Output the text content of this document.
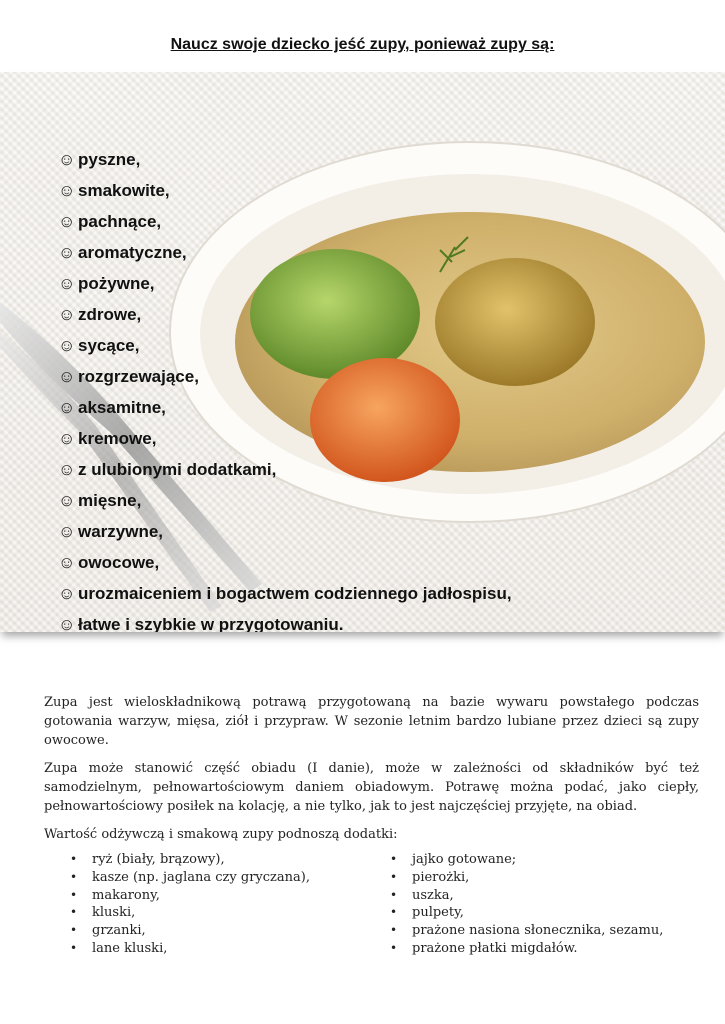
Naucz swoje dziecko jeść zupy, ponieważ zupy są:
☺ pyszne,
☺ smakowite,
☺ pachnące,
☺ aromatyczne,
☺ pożywne,
☺ zdrowe,
☺ sycące,
☺ rozgrzewające,
☺ aksamitne,
☺ kremowe,
☺ z ulubionymi dodatkami,
☺ mięsne,
☺ warzywne,
☺ owocowe,
☺ urozmaiceniem i bogactwem codziennego jadłospisu,
☺ łatwe i szybkie w przygotowaniu.

Zupa jest wieloskładnikową potrawą przygotowaną na bazie wywaru powstałego podczas gotowania warzyw, mięsa, ziół i przypraw. W sezonie letnim bardzo lubiane przez dzieci są zupy owocowe.

Zupa może stanowić część obiadu (I danie), może w zależności od składników być też samodzielnym, pełnowartościowym daniem obiadowym. Potrawę można podać, jako ciepły, pełnowartościowy posiłek na kolację, a nie tylko, jak to jest najczęściej przyjęte, na obiad.

Wartość odżywczą i smakową zupy podnoszą dodatki:

• ryż (biały, brązowy),
• kasze (np. jaglana czy gryczana),
• makarony,
• kluski,
• grzanki,
• lane kluski,
• jajko gotowane;
• pierożki,
• uszka,
• pulpety,
• prażone nasiona słonecznika, sezamu,
• prażone płatki migdałów.
